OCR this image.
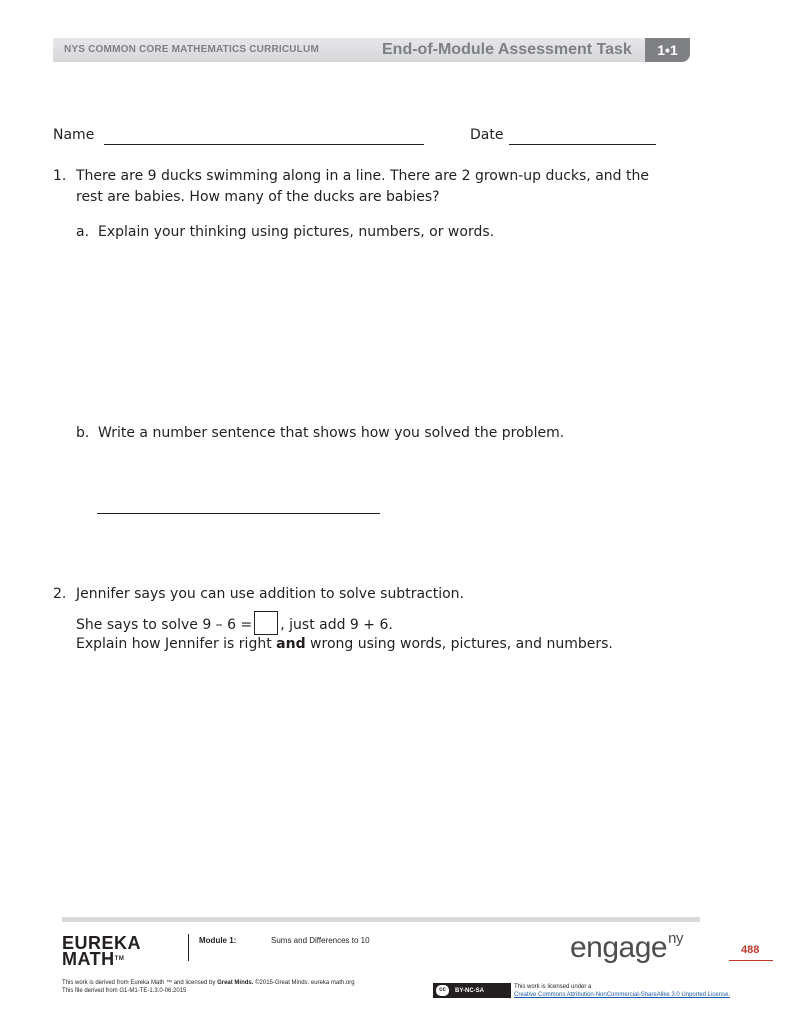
NYS COMMON CORE MATHEMATICS CURRICULUM	End-of-Module Assessment Task	1•1
Name	Date
1. There are 9 ducks swimming along in a line. There are 2 grown-up ducks, and the
rest are babies. How many of the ducks are babies?
a. Explain your thinking using pictures, numbers, or words.
b. Write a number sentence that shows how you solved the problem.
2. Jennifer says you can use addition to solve subtraction.
She says to solve 9 – 6 = , just add 9 + 6.
Explain how Jennifer is right and wrong using words, pictures, and numbers.
EUREKA
MATH™
Module 1:	Sums and Differences to 10	engage$^{ny}$
488
This work is derived from Eureka Math ™ and licensed by Great Minds. ©2015-Great Minds. eureka math.org
This file derived from G1-M1-TE-1.3.0-06.2015	cc	BY-NC-SA
This work is licensed under a
Creative Commons Attribution-NonCommercial-ShareAlike 3.0 Unported License.
